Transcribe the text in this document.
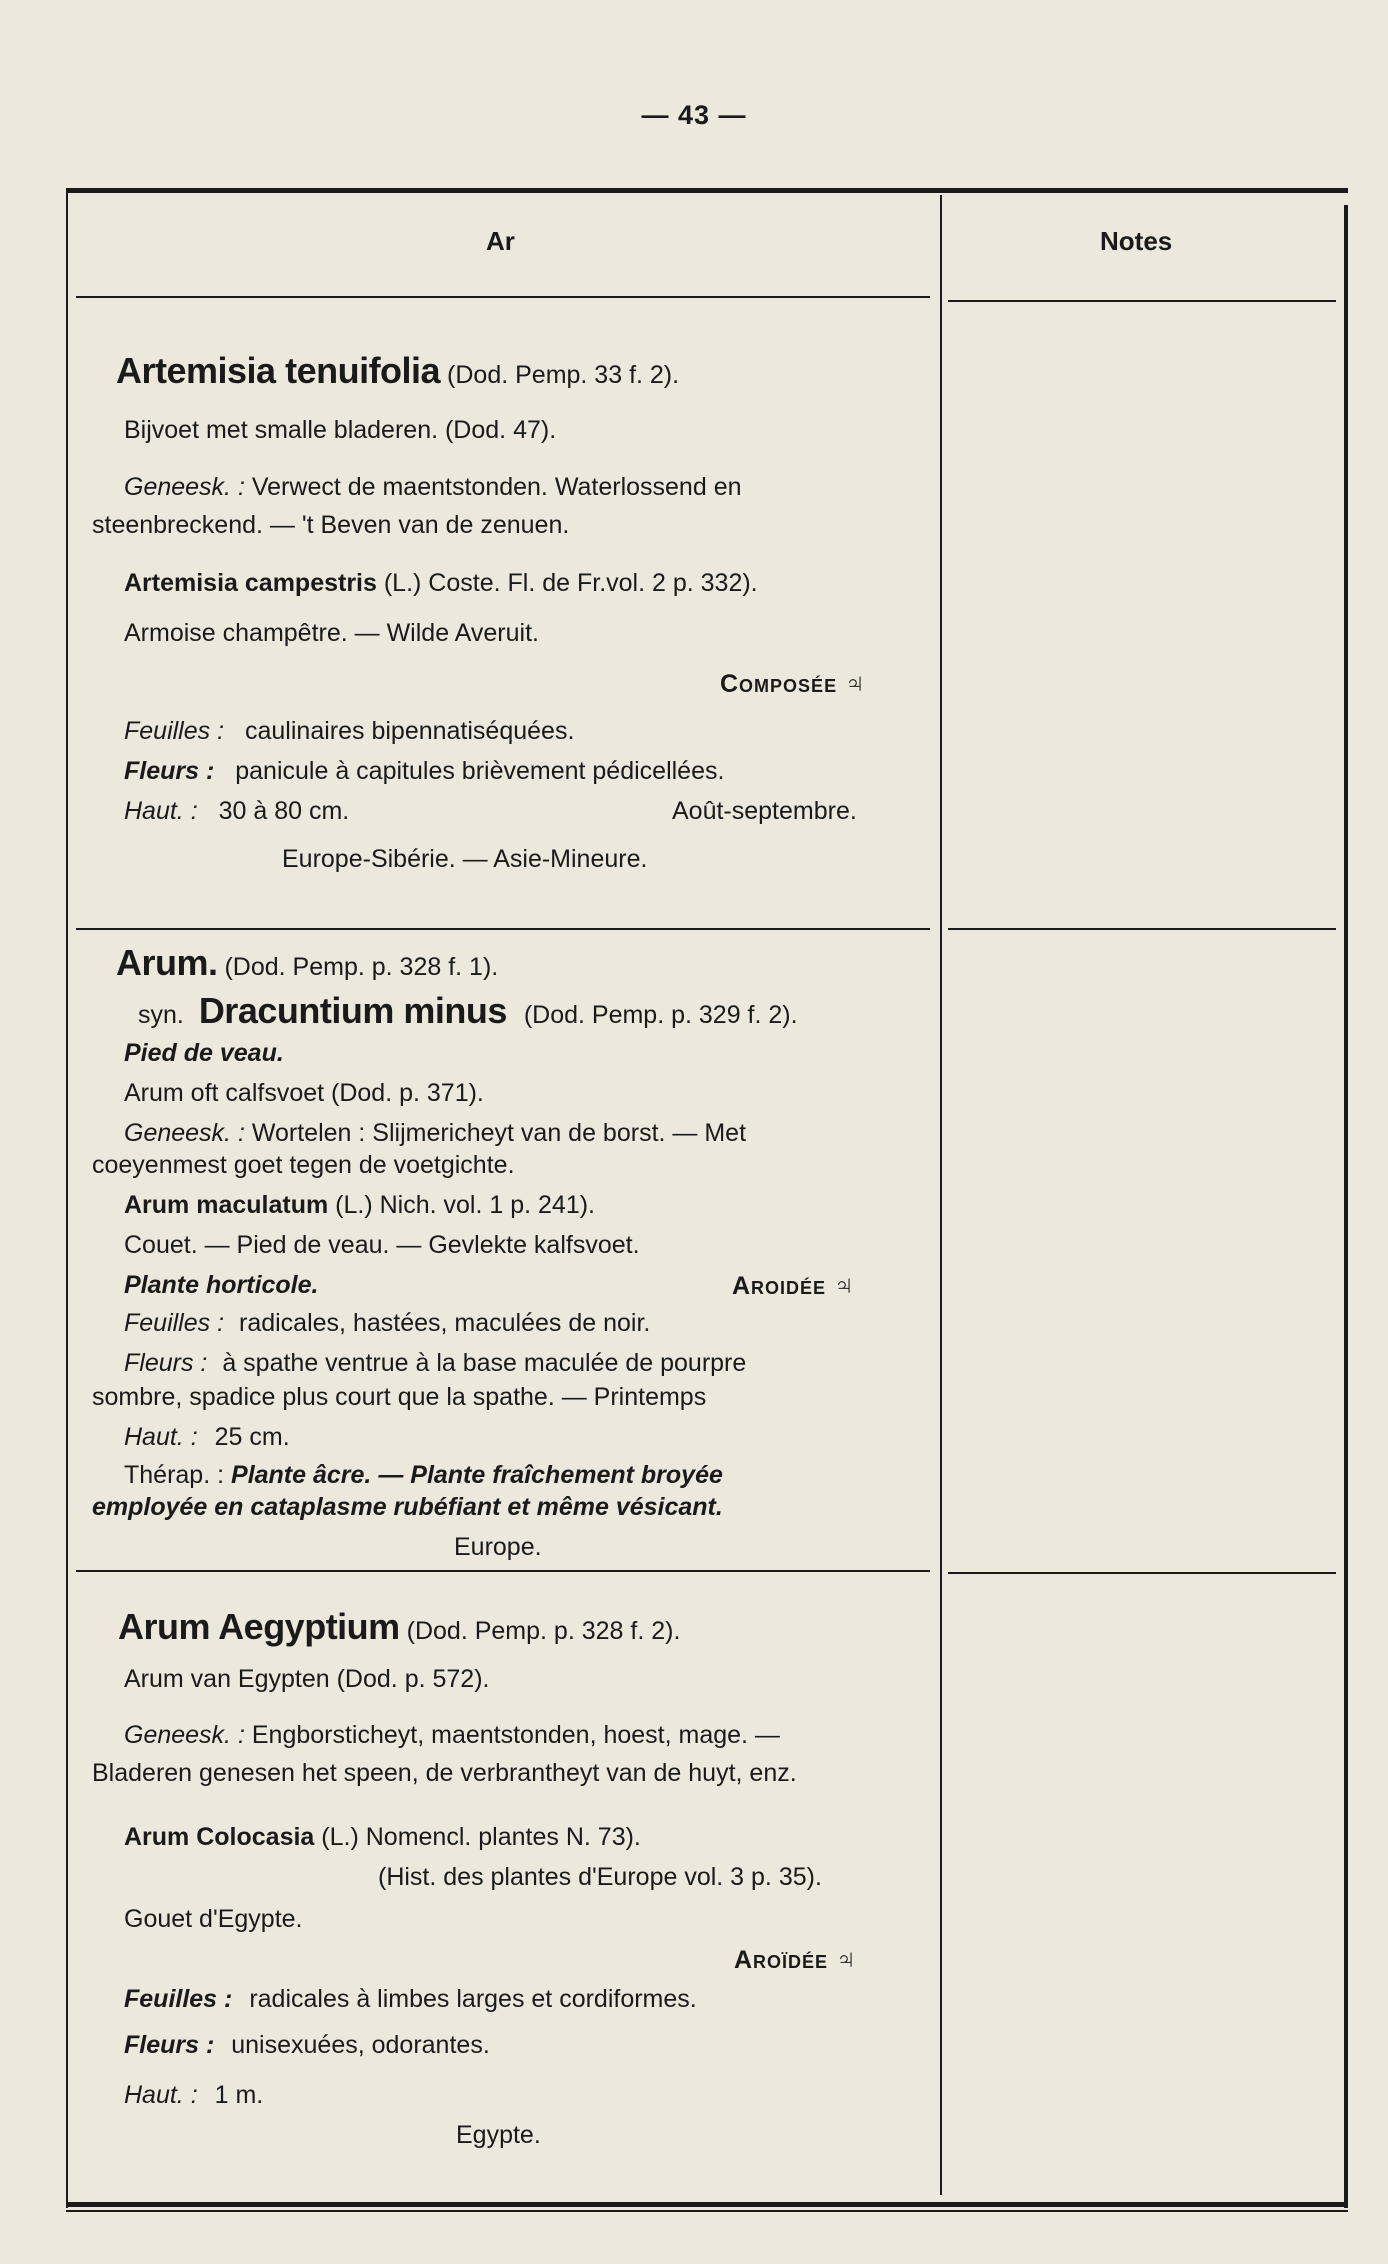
— 43 —
Ar	Notes
Artemisia tenuifolia (Dod. Pemp. 33 f. 2).
Bijvoet met smalle bladeren. (Dod. 47).
Geneesk. : Verwect de maentstonden. Waterlossend en
steenbreckend. — 't Beven van de zenuen.
Artemisia campestris (L.) Coste. Fl. de Fr.vol. 2 p. 332).
Armoise champêtre. — Wilde Averuit.
Composée ♃
Feuilles : caulinaires bipennatiséquées.
Fleurs : panicule à capitules brièvement pédicellées.
Haut. : 30 à 80 cm.	Août-septembre.
Europe-Sibérie. — Asie-Mineure.
Arum. (Dod. Pemp. p. 328 f. 1).
syn. Dracuntium minus (Dod. Pemp. p. 329 f. 2).
Pied de veau.
Arum oft calfsvoet (Dod. p. 371).
Geneesk. : Wortelen : Slijmericheyt van de borst. — Met
coeyenmest goet tegen de voetgichte.
Arum maculatum (L.) Nich. vol. 1 p. 241).
Couet. — Pied de veau. — Gevlekte kalfsvoet.
Plante horticole.	Aroidée ♃
Feuilles : radicales, hastées, maculées de noir.
Fleurs : à spathe ventrue à la base maculée de pourpre
sombre, spadice plus court que la spathe. — Printemps
Haut. : 25 cm.
Thérap. : Plante âcre. — Plante fraîchement broyée
employée en cataplasme rubéfiant et même vésicant.
Europe.
Arum Aegyptium (Dod. Pemp. p. 328 f. 2).
Arum van Egypten (Dod. p. 572).
Geneesk. : Engborsticheyt, maentstonden, hoest, mage. —
Bladeren genesen het speen, de verbrantheyt van de huyt, enz.
Arum Colocasia (L.) Nomencl. plantes N. 73).
(Hist. des plantes d'Europe vol. 3 p. 35).
Gouet d'Egypte.
Aroïdée ♃
Feuilles : radicales à limbes larges et cordiformes.
Fleurs : unisexuées, odorantes.
Haut. : 1 m.
Egypte.
